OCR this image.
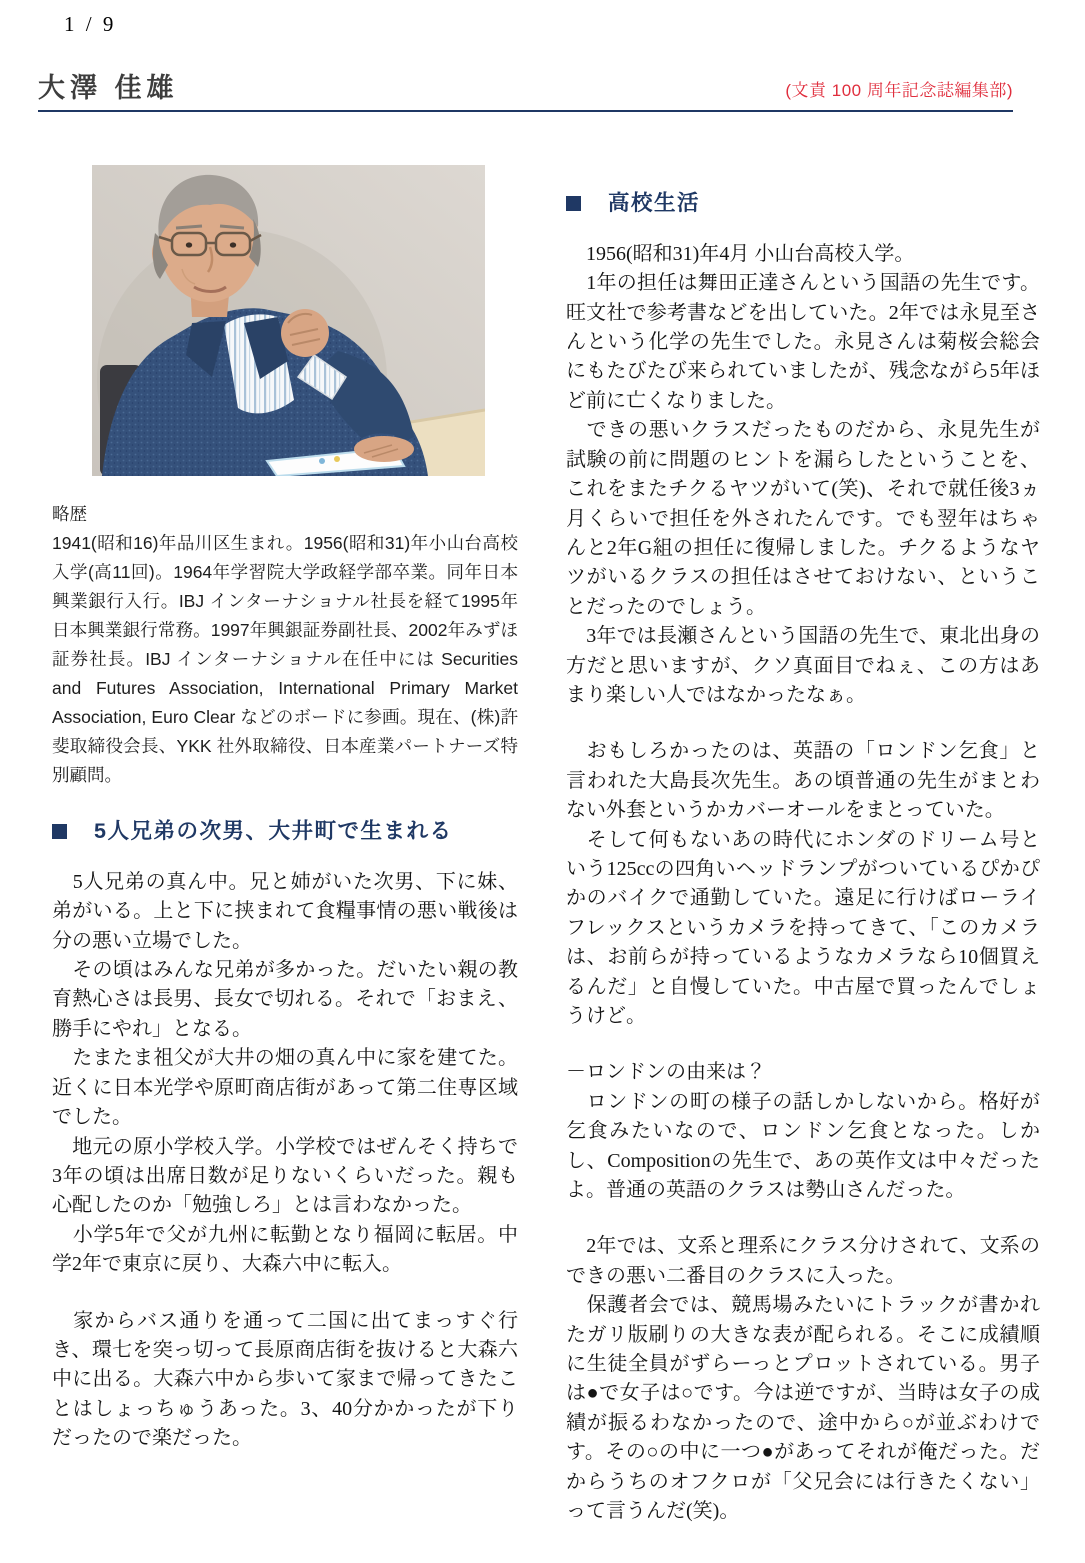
1 / 9
大澤 佳雄	(文責 100 周年記念誌編集部)
略歴

1941(昭和16)年品川区生まれ。1956(昭和31)年小山台高校入学(高11回)。1964年学習院大学政経学部卒業。同年日本興業銀行入行。IBJ インターナショナル社長を経て1995年日本興業銀行常務。1997年興銀証券副社長、2002年みずほ証券社長。IBJ インターナショナル在任中には Securities and Futures Association, International Primary Market Association, Euro Clear などのボードに参画。現在、(株)許斐取締役会長、YKK 社外取締役、日本産業パートナーズ特別顧問。

5人兄弟の次男、大井町で生まれる

　5人兄弟の真ん中。兄と姉がいた次男、下に妹、弟がいる。上と下に挟まれて食糧事情の悪い戦後は分の悪い立場でした。

　その頃はみんな兄弟が多かった。だいたい親の教育熱心さは長男、長女で切れる。それで「おまえ、勝手にやれ」となる。

　たまたま祖父が大井の畑の真ん中に家を建てた。近くに日本光学や原町商店街があって第二住専区域でした。

　地元の原小学校入学。小学校ではぜんそく持ちで3年の頃は出席日数が足りないくらいだった。親も心配したのか「勉強しろ」とは言わなかった。

　小学5年で父が九州に転勤となり福岡に転居。中学2年で東京に戻り、大森六中に転入。

　家からバス通りを通って二国に出てまっすぐ行き、環七を突っ切って長原商店街を抜けると大森六中に出る。大森六中から歩いて家まで帰ってきたことはしょっちゅうあった。3、40分かかったが下りだったので楽だった。

高校生活

　1956(昭和31)年4月 小山台高校入学。

　1年の担任は舞田正達さんという国語の先生です。旺文社で参考書などを出していた。2年では永見至さんという化学の先生でした。永見さんは菊桜会総会にもたびたび来られていましたが、残念ながら5年ほど前に亡くなりました。

　できの悪いクラスだったものだから、永見先生が試験の前に問題のヒントを漏らしたということを、これをまたチクるヤツがいて(笑)、それで就任後3ヵ月くらいで担任を外されたんです。でも翌年はちゃんと2年G組の担任に復帰しました。チクるようなヤツがいるクラスの担任はさせておけない、ということだったのでしょう。

　3年では長瀬さんという国語の先生で、東北出身の方だと思いますが、クソ真面目でねぇ、この方はあまり楽しい人ではなかったなぁ。

　おもしろかったのは、英語の「ロンドン乞食」と言われた大島長次先生。あの頃普通の先生がまとわない外套というかカバーオールをまとっていた。

　そして何もないあの時代にホンダのドリーム号という125ccの四角いヘッドランプがついているぴかぴかのバイクで通勤していた。遠足に行けばローライフレックスというカメラを持ってきて、「このカメラは、お前らが持っているようなカメラなら10個買えるんだ」と自慢していた。中古屋で買ったんでしょうけど。

－ロンドンの由来は？

　ロンドンの町の様子の話しかしないから。格好が乞食みたいなので、ロンドン乞食となった。しかし、Compositionの先生で、あの英作文は中々だったよ。普通の英語のクラスは勢山さんだった。

　2年では、文系と理系にクラス分けされて、文系のできの悪い二番目のクラスに入った。

　保護者会では、競馬場みたいにトラックが書かれたガリ版刷りの大きな表が配られる。そこに成績順に生徒全員がずらーっとプロットされている。男子は●で女子は○です。今は逆ですが、当時は女子の成績が振るわなかったので、途中から○が並ぶわけです。その○の中に一つ●があってそれが俺だった。だからうちのオフクロが「父兄会には行きたくない」って言うんだ(笑)。
